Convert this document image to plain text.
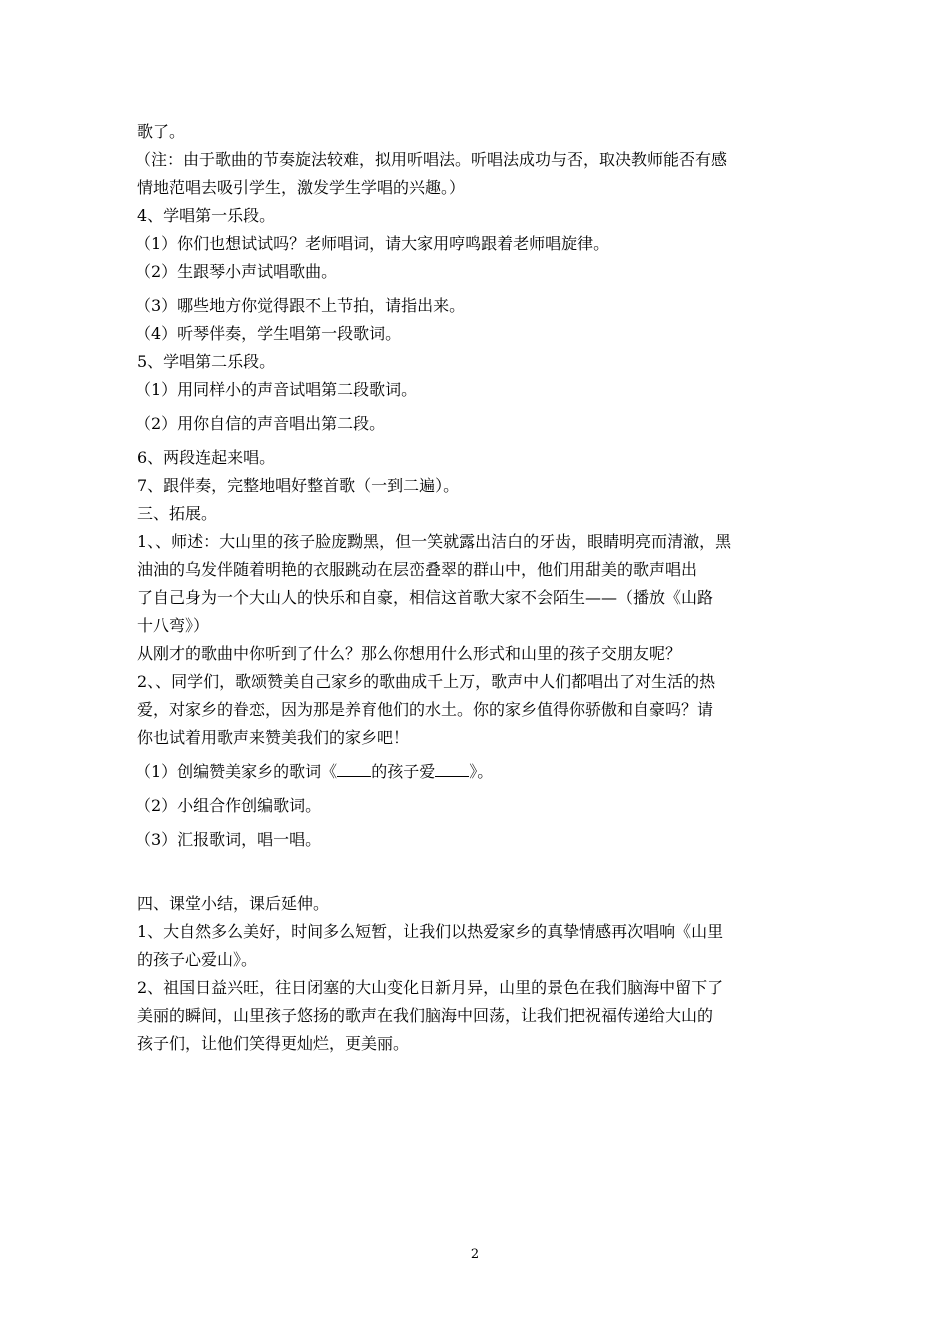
歌了。
（注：由于歌曲的节奏旋法较难，拟用听唱法。听唱法成功与否，取决教师能否有感
情地范唱去吸引学生，激发学生学唱的兴趣。）
4、学唱第一乐段。
（1）你们也想试试吗？老师唱词，请大家用哼鸣跟着老师唱旋律。
（2）生跟琴小声试唱歌曲。
（3）哪些地方你觉得跟不上节拍，请指出来。
（4）听琴伴奏，学生唱第一段歌词。
5、学唱第二乐段。
（1）用同样小的声音试唱第二段歌词。
（2）用你自信的声音唱出第二段。
6、两段连起来唱。
7、跟伴奏，完整地唱好整首歌（一到二遍）。
三、拓展。
1、、师述：大山里的孩子脸庞黝黑，但一笑就露出洁白的牙齿，眼睛明亮而清澈，黑
油油的乌发伴随着明艳的衣服跳动在层峦叠翠的群山中，他们用甜美的歌声唱出
了自己身为一个大山人的快乐和自豪，相信这首歌大家不会陌生——（播放《山路
十八弯》）
从刚才的歌曲中你听到了什么？那么你想用什么形式和山里的孩子交朋友呢？
2、、同学们，歌颂赞美自己家乡的歌曲成千上万，歌声中人们都唱出了对生活的热
爱，对家乡的眷恋，因为那是养育他们的水土。你的家乡值得你骄傲和自豪吗？请
你也试着用歌声来赞美我们的家乡吧！
（1）创编赞美家乡的歌词《 的孩子爱 》。
（2）小组合作创编歌词。
（3）汇报歌词，唱一唱。
四、课堂小结，课后延伸。
1、大自然多么美好，时间多么短暂，让我们以热爱家乡的真挚情感再次唱响《山里
的孩子心爱山》。
2、祖国日益兴旺，往日闭塞的大山变化日新月异，山里的景色在我们脑海中留下了
美丽的瞬间，山里孩子悠扬的歌声在我们脑海中回荡，让我们把祝福传递给大山的
孩子们，让他们笑得更灿烂，更美丽。
2
